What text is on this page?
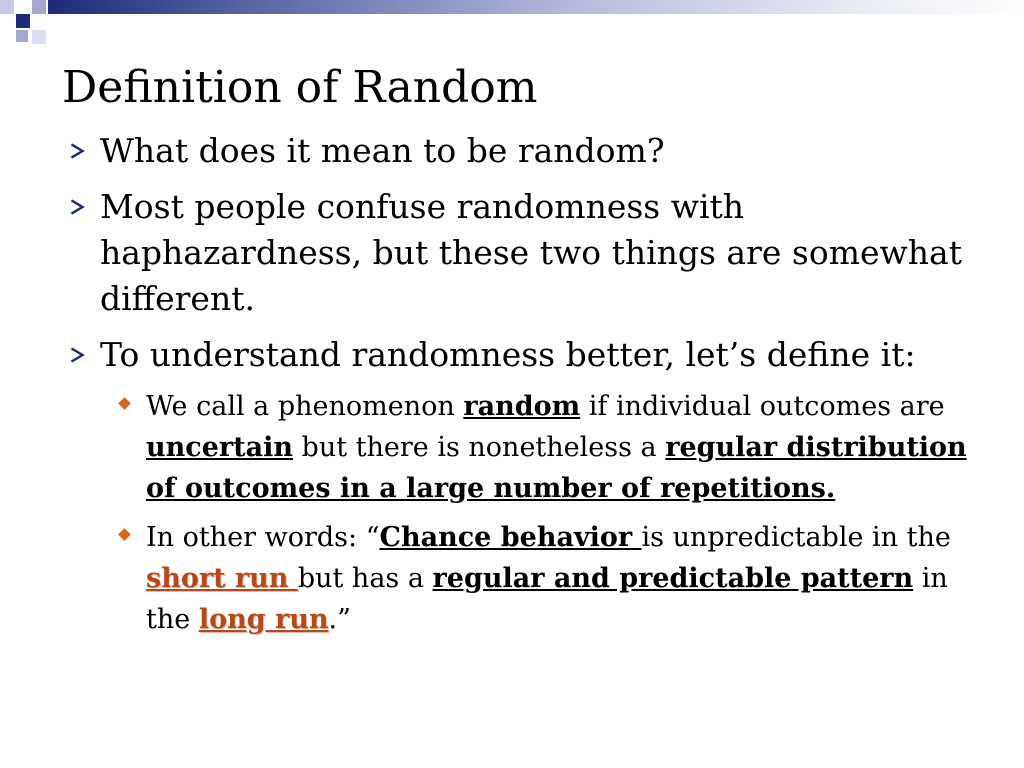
Definition of Random
What does it mean to be random?
Most people confuse randomness with haphazardness, but these two things are somewhat different.
To understand randomness better, let’s define it:
We call a phenomenon random if individual outcomes are uncertain but there is nonetheless a regular distribution of outcomes in a large number of repetitions.
In other words: “Chance behavior is unpredictable in the short run but has a regular and predictable pattern in the long run.”
